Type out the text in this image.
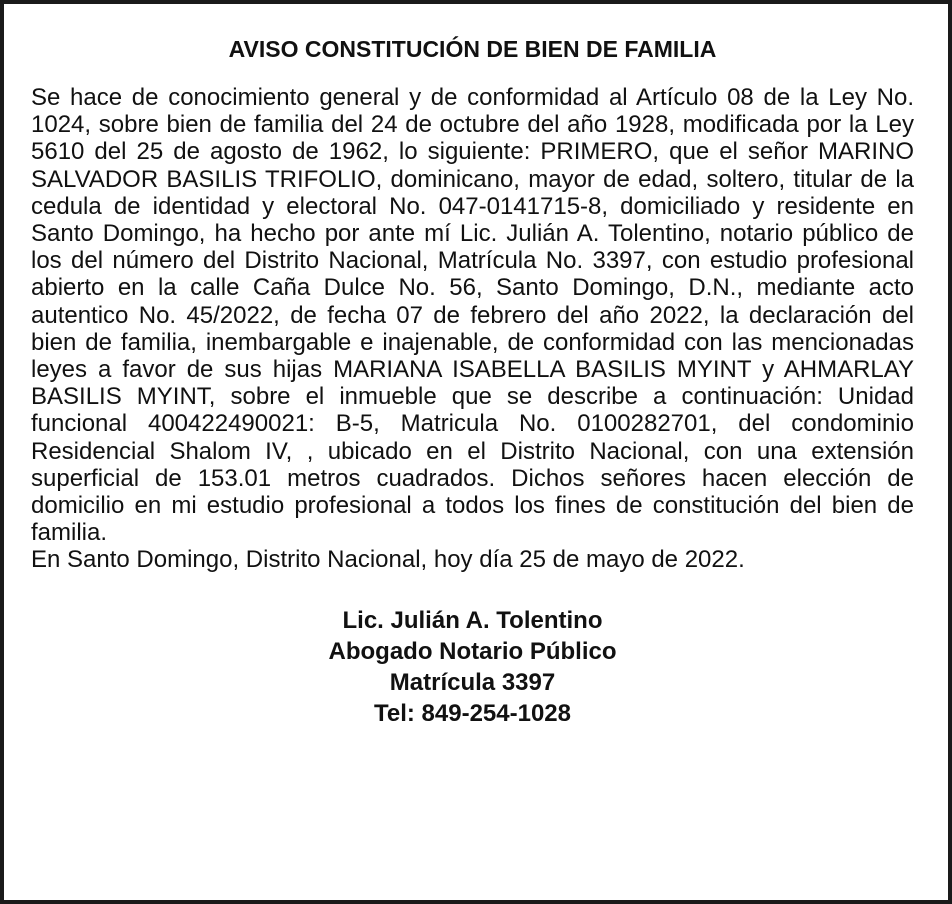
AVISO CONSTITUCIÓN DE BIEN DE FAMILIA

Se hace de conocimiento general y de conformidad al Artículo 08 de la Ley No. 1024, sobre bien de familia del 24 de octubre del año 1928, modificada por la Ley 5610 del 25 de agosto de 1962, lo siguiente: PRIMERO, que el señor MARINO SALVADOR BASILIS TRIFOLIO, dominicano, mayor de edad, soltero, titular de la cedula de identidad y electoral No. 047-0141715-8, domiciliado y residente en Santo Domingo, ha hecho por ante mí Lic. Julián A. Tolentino, notario público de los del número del Distrito Nacional, Matrícula No. 3397, con estudio profesional abierto en la calle Caña Dulce No. 56, Santo Domingo, D.N., mediante acto autentico No. 45/2022, de fecha 07 de febrero del año 2022, la declaración del bien de familia, inembargable e inajenable, de conformidad con las mencionadas leyes a favor de sus hijas MARIANA ISABELLA BASILIS MYINT y AHMARLAY BASILIS MYINT, sobre el inmueble que se describe a continuación: Unidad funcional 400422490021: B-5, Matricula No. 0100282701, del condominio Residencial Shalom IV, , ubicado en el Distrito Nacional, con una extensión superficial de 153.01 metros cuadrados. Dichos señores hacen elección de domicilio en mi estudio profesional a todos los fines de constitución del bien de familia.

En Santo Domingo, Distrito Nacional, hoy día 25 de mayo de 2022.

Lic. Julián A. Tolentino
Abogado Notario Público
Matrícula 3397
Tel: 849-254-1028
